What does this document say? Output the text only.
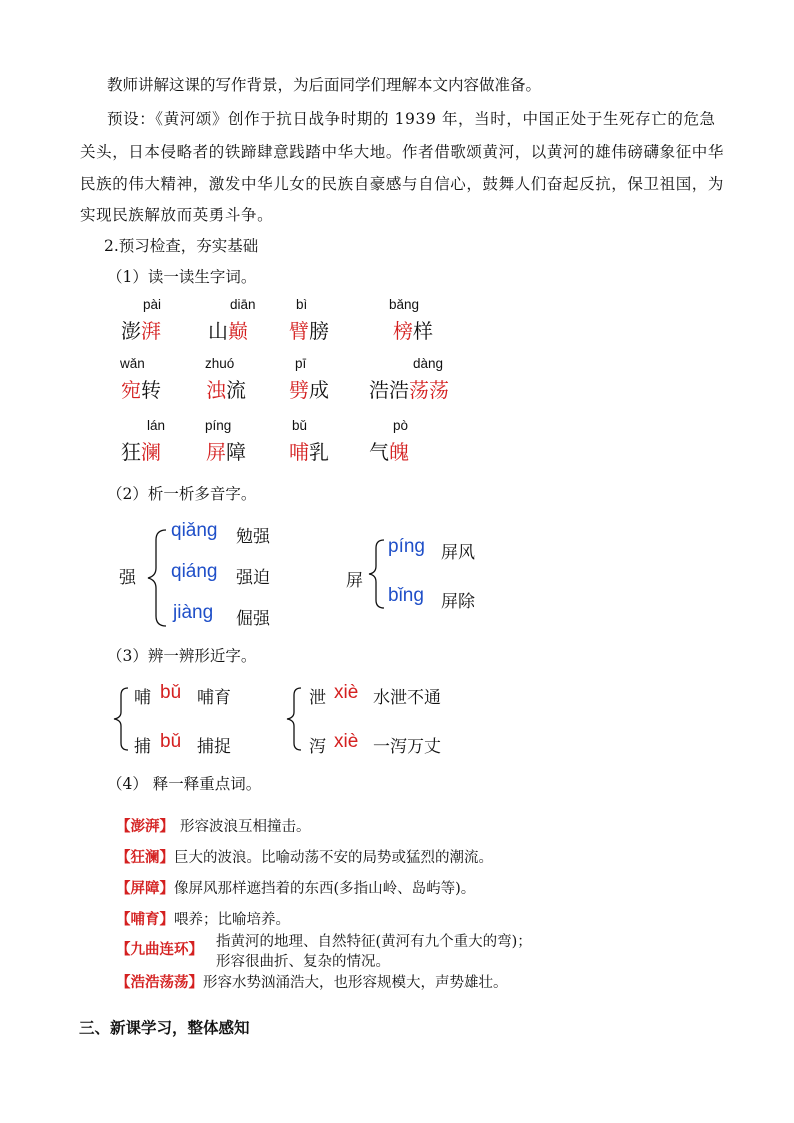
教师讲解这课的写作背景，为后面同学们理解本文内容做准备。
预设：《黄河颂》创作于抗日战争时期的 1939 年，当时，中国正处于生死存亡的危急
关头，日本侵略者的铁蹄肆意践踏中华大地。作者借歌颂黄河，以黄河的雄伟磅礴象征中华
民族的伟大精神，激发中华儿女的民族自豪感与自信心，鼓舞人们奋起反抗，保卫祖国，为
实现民族解放而英勇斗争。
2.预习检查，夯实基础
（1）读一读生字词。
pài
澎湃
diān
山巅
bì
臂膀
bǎng
榜样
wǎn
宛转
zhuó
浊流
pī
劈成
dàng
浩浩荡荡
lán
狂澜
píng
屏障
bǔ
哺乳
pò
气魄
（2）析一析多音字。
强
qiǎng 勉强
qiáng 强迫
jiàng 倔强
屏
píng 屏风
bǐng 屏除
（3）辨一辨形近字。
哺 bǔ 哺育
捕 bǔ 捕捉
泄 xiè 水泄不通
泻 xiè 一泻万丈
（4） 释一释重点词。
【澎湃】 形容波浪互相撞击。
【狂澜】巨大的波浪。比喻动荡不安的局势或猛烈的潮流。
【屏障】像屏风那样遮挡着的东西(多指山岭、岛屿等)。
【哺育】喂养；比喻培养。
【九曲连环】 指黄河的地理、自然特征(黄河有九个重大的弯)；
形容很曲折、复杂的情况。
【浩浩荡荡】形容水势汹涌浩大，也形容规模大，声势雄壮。
三、新课学习，整体感知
